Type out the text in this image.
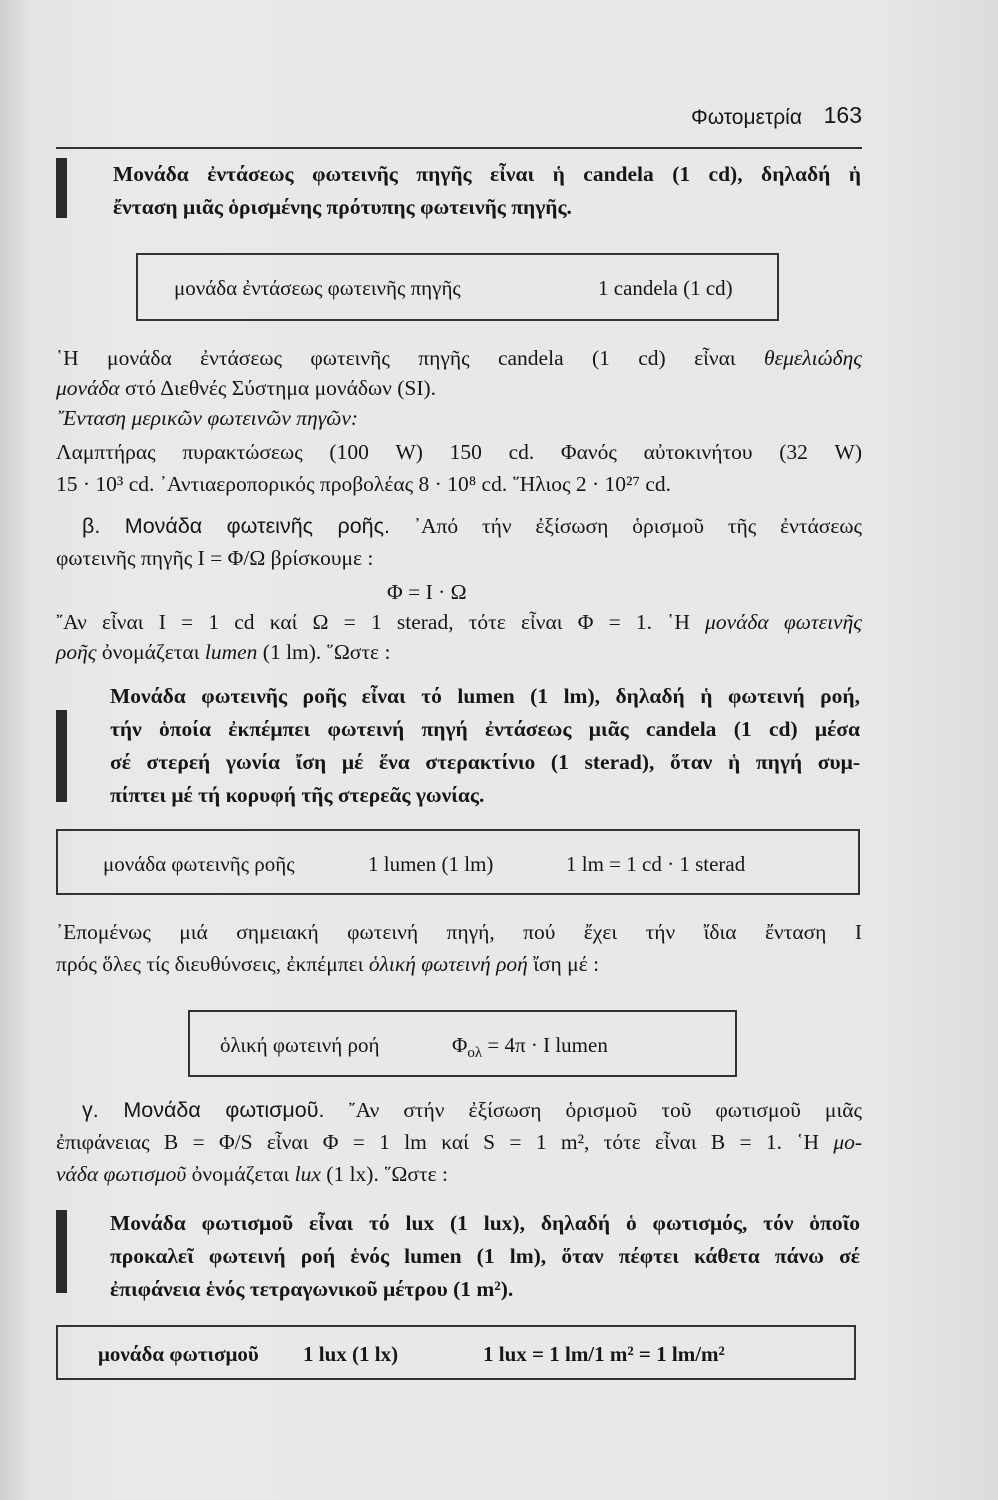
Φωτομετρία 163
Μονάδα ἐντάσεως φωτεινῆς πηγῆς εἶναι ἡ candela (1 cd), δηλαδή ἡ
ἔνταση μιᾶς ὁρισμένης πρότυπης φωτεινῆς πηγῆς.
μονάδα ἐντάσεως φωτεινῆς πηγῆς	1 candela (1 cd)
῾Η μονάδα ἐντάσεως φωτεινῆς πηγῆς candela (1 cd) εἶναι θεμελιώδης
μονάδα στό Διεθνές Σύστημα μονάδων (SI).
῎Ενταση μερικῶν φωτεινῶν πηγῶν:
Λαμπτήρας πυρακτώσεως (100 W) 150 cd. Φανός αὐτοκινήτου (32 W)
15 · 10³ cd. ᾿Αντιαεροπορικός προβολέας 8 · 10⁸ cd. ῞Ηλιος 2 · 10²⁷ cd.
β. Μονάδα φωτεινῆς ροῆς. ᾿Από τήν ἐξίσωση ὁρισμοῦ τῆς ἐντάσεως
φωτεινῆς πηγῆς I = Φ/Ω βρίσκουμε :
Φ = I · Ω
῎Αν εἶναι I = 1 cd καί Ω = 1 sterad, τότε εἶναι Φ = 1. ῾Η μονάδα φωτεινῆς
ροῆς ὀνομάζεται lumen (1 lm). ῞Ωστε :
Μονάδα φωτεινῆς ροῆς εἶναι τό lumen (1 lm), δηλαδή ἡ φωτεινή ροή,
τήν ὁποία ἐκπέμπει φωτεινή πηγή ἐντάσεως μιᾶς candela (1 cd) μέσα
σέ στερεή γωνία ἴση μέ ἕνα στερακτίνιο (1 sterad), ὅταν ἡ πηγή συμ-
πίπτει μέ τή κορυφή τῆς στερεᾶς γωνίας.
μονάδα φωτεινῆς ροῆς	1 lumen (1 lm)	1 lm = 1 cd · 1 sterad
᾿Επομένως μιά σημειακή φωτεινή πηγή, πού ἔχει τήν ἴδια ἔνταση I
πρός ὅλες τίς διευθύνσεις, ἐκπέμπει ὁλική φωτεινή ροή ἴση μέ :
ὁλική φωτεινή ροή	$\Phi_{o\lambda} = 4\pi \cdot I$ lumen
γ. Μονάδα φωτισμοῦ. ῎Αν στήν ἐξίσωση ὁρισμοῦ τοῦ φωτισμοῦ μιᾶς
ἐπιφάνειας B = Φ/S εἶναι Φ = 1 lm καί S = 1 m², τότε εἶναι B = 1. ῾Η μο-
νάδα φωτισμοῦ ὀνομάζεται lux (1 lx). ῞Ωστε :
Μονάδα φωτισμοῦ εἶναι τό lux (1 lux), δηλαδή ὁ φωτισμός, τόν ὁποῖο
προκαλεῖ φωτεινή ροή ἑνός lumen (1 lm), ὅταν πέφτει κάθετα πάνω σέ
ἐπιφάνεια ἑνός τετραγωνικοῦ μέτρου (1 m²).
μονάδα φωτισμοῦ 1 lux (1 lx)	1 lux = 1 lm/1 m² = 1 lm/m²
